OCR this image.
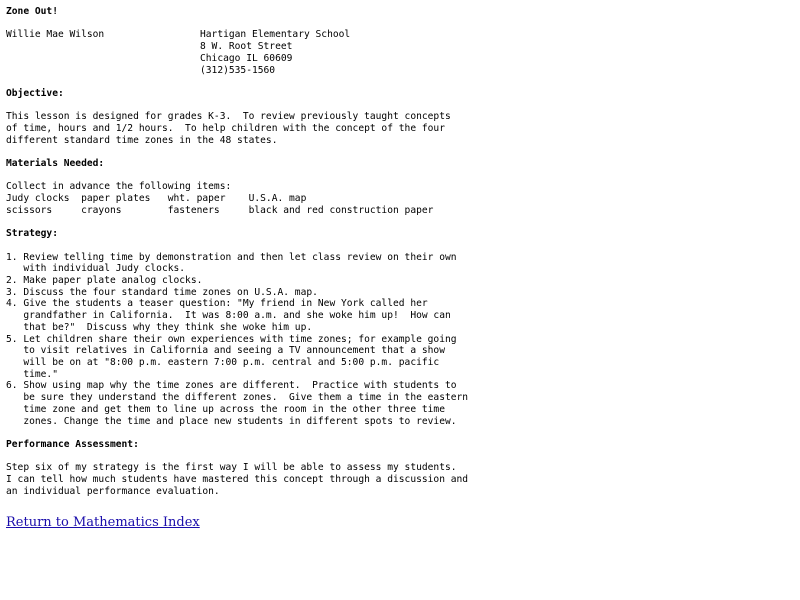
Zone Out!
Willie Mae Wilson	Hartigan Elementary School
8 W. Root Street
Chicago IL 60609
(312)535-1560
Objective:
This lesson is designed for grades K-3.  To review previously taught concepts
of time, hours and 1/2 hours.  To help children with the concept of the four
different standard time zones in the 48 states.
Materials Needed:
Collect in advance the following items:
Judy clocks  paper plates   wht. paper    U.S.A. map
scissors     crayons        fasteners     black and red construction paper
Strategy:
1. Review telling time by demonstration and then let class review on their own
with individual Judy clocks.
2. Make paper plate analog clocks.
3. Discuss the four standard time zones on U.S.A. map.
4. Give the students a teaser question: "My friend in New York called her
grandfather in California.  It was 8:00 a.m. and she woke him up!  How can
that be?"  Discuss why they think she woke him up.
5. Let children share their own experiences with time zones; for example going
to visit relatives in California and seeing a TV announcement that a show
will be on at "8:00 p.m. eastern 7:00 p.m. central and 5:00 p.m. pacific
time."
6. Show using map why the time zones are different.  Practice with students to
be sure they understand the different zones.  Give them a time in the eastern
time zone and get them to line up across the room in the other three time
zones. Change the time and place new students in different spots to review.
Performance Assessment:
Step six of my strategy is the first way I will be able to assess my students.
I can tell how much students have mastered this concept through a discussion and
an individual performance evaluation.
Return to Mathematics Index
